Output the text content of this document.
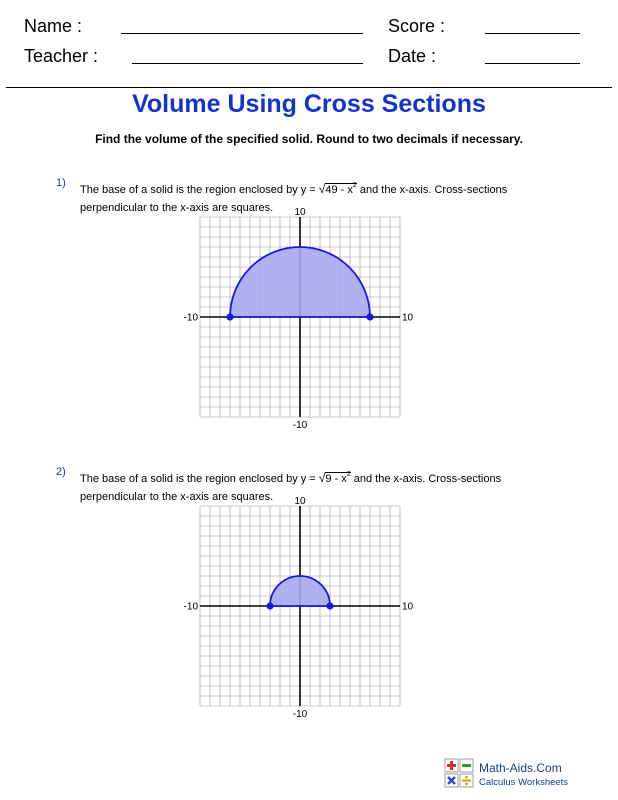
Name :	Score :
Teacher :	Date :
Volume Using Cross Sections
Find the volume of the specified solid. Round to two decimals if necessary.
1)
The base of a solid is the region enclosed by $y = √49 - x^2$ and the x-axis. Cross-sections perpendicular to the x-axis are squares.	10
-10
-10	10
2)
The base of a solid is the region enclosed by $y = √9 - x^2$ and the x-axis. Cross-sections perpendicular to the x-axis are squares.	10
-10
-10	10
Math-Aids.Com
Calculus Worksheets
